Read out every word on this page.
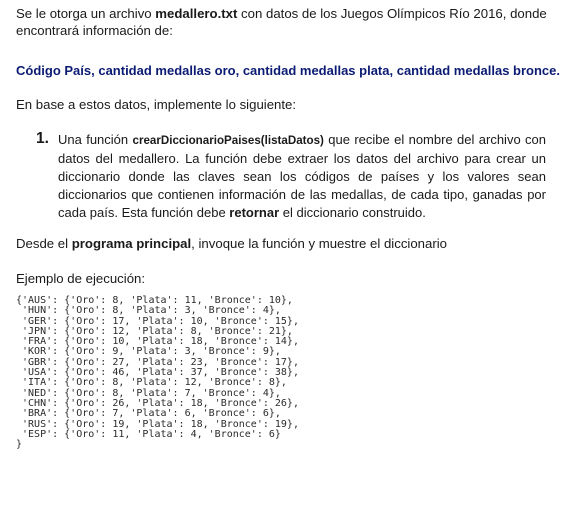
Se le otorga un archivo medallero.txt con datos de los Juegos Olímpicos Río 2016, donde encontrará información de:

Código País, cantidad medallas oro, cantidad medallas plata, cantidad medallas bronce.

En base a estos datos, implemente lo siguiente:

1. Una función crearDiccionarioPaises(listaDatos) que recibe el nombre del archivo con datos del medallero. La función debe extraer los datos del archivo para crear un diccionario donde las claves sean los códigos de países y los valores sean diccionarios que contienen información de las medallas, de cada tipo, ganadas por cada país. Esta función debe retornar el diccionario construido.

Desde el programa principal, invoque la función y muestre el diccionario

Ejemplo de ejecución:

{'AUS': {'Oro': 8, 'Plata': 11, 'Bronce': 10},
'HUN': {'Oro': 8, 'Plata': 3, 'Bronce': 4},
'GER': {'Oro': 17, 'Plata': 10, 'Bronce': 15},
'JPN': {'Oro': 12, 'Plata': 8, 'Bronce': 21},
'FRA': {'Oro': 10, 'Plata': 18, 'Bronce': 14},
'KOR': {'Oro': 9, 'Plata': 3, 'Bronce': 9},
'GBR': {'Oro': 27, 'Plata': 23, 'Bronce': 17},
'USA': {'Oro': 46, 'Plata': 37, 'Bronce': 38},
'ITA': {'Oro': 8, 'Plata': 12, 'Bronce': 8},
'NED': {'Oro': 8, 'Plata': 7, 'Bronce': 4},
'CHN': {'Oro': 26, 'Plata': 18, 'Bronce': 26},
'BRA': {'Oro': 7, 'Plata': 6, 'Bronce': 6},
'RUS': {'Oro': 19, 'Plata': 18, 'Bronce': 19},
'ESP': {'Oro': 11, 'Plata': 4, 'Bronce': 6}
}
